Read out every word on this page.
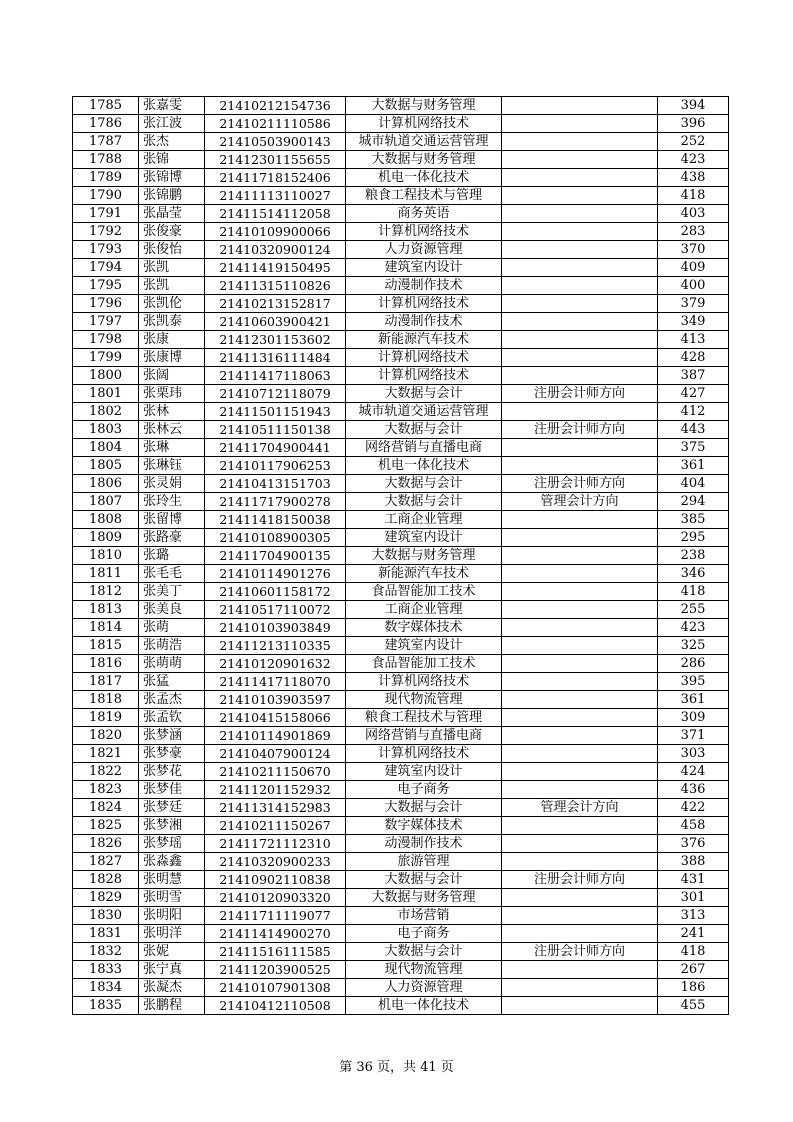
1785	张嘉雯	21410212154736	大数据与财务管理		394
1786	张江波	21410211110586	计算机网络技术		396
1787	张杰	21410503900143	城市轨道交通运营管理		252
1788	张锦	21412301155655	大数据与财务管理		423
1789	张锦博	21411718152406	机电一体化技术		438
1790	张锦鹏	21411113110027	粮食工程技术与管理		418
1791	张晶莹	21411514112058	商务英语		403
1792	张俊豪	21410109900066	计算机网络技术		283
1793	张俊怡	21410320900124	人力资源管理		370
1794	张凯	21411419150495	建筑室内设计		409
1795	张凯	21411315110826	动漫制作技术		400
1796	张凯伦	21410213152817	计算机网络技术		379
1797	张凯泰	21410603900421	动漫制作技术		349
1798	张康	21412301153602	新能源汽车技术		413
1799	张康博	21411316111484	计算机网络技术		428
1800	张阔	21411417118063	计算机网络技术		387
1801	张栗玮	21410712118079	大数据与会计	注册会计师方向	427
1802	张林	21411501151943	城市轨道交通运营管理		412
1803	张林云	21410511150138	大数据与会计	注册会计师方向	443
1804	张琳	21411704900441	网络营销与直播电商		375
1805	张琳钰	21410117906253	机电一体化技术		361
1806	张灵娟	21410413151703	大数据与会计	注册会计师方向	404
1807	张玲生	21411717900278	大数据与会计	管理会计方向	294
1808	张留博	21411418150038	工商企业管理		385
1809	张路豪	21410108900305	建筑室内设计		295
1810	张璐	21411704900135	大数据与财务管理		238
1811	张毛毛	21410114901276	新能源汽车技术		346
1812	张美丁	21410601158172	食品智能加工技术		418
1813	张美良	21410517110072	工商企业管理		255
1814	张萌	21410103903849	数字媒体技术		423
1815	张萌浩	21411213110335	建筑室内设计		325
1816	张萌萌	21410120901632	食品智能加工技术		286
1817	张猛	21411417118070	计算机网络技术		395
1818	张孟杰	21410103903597	现代物流管理		361
1819	张孟钦	21410415158066	粮食工程技术与管理		309
1820	张梦涵	21410114901869	网络营销与直播电商		371
1821	张梦豪	21410407900124	计算机网络技术		303
1822	张梦花	21410211150670	建筑室内设计		424
1823	张梦佳	21411201152932	电子商务		436
1824	张梦廷	21411314152983	大数据与会计	管理会计方向	422
1825	张梦湘	21410211150267	数字媒体技术		458
1826	张梦瑶	21411721112310	动漫制作技术		376
1827	张淼鑫	21410320900233	旅游管理		388
1828	张明慧	21410902110838	大数据与会计	注册会计师方向	431
1829	张明雪	21410120903320	大数据与财务管理		301
1830	张明阳	21411711119077	市场营销		313
1831	张明洋	21411414900270	电子商务		241
1832	张妮	21411516111585	大数据与会计	注册会计师方向	418
1833	张宁真	21411203900525	现代物流管理		267
1834	张凝杰	21410107901308	人力资源管理		186
1835	张鹏程	21410412110508	机电一体化技术		455
第 36 页，共 41 页
